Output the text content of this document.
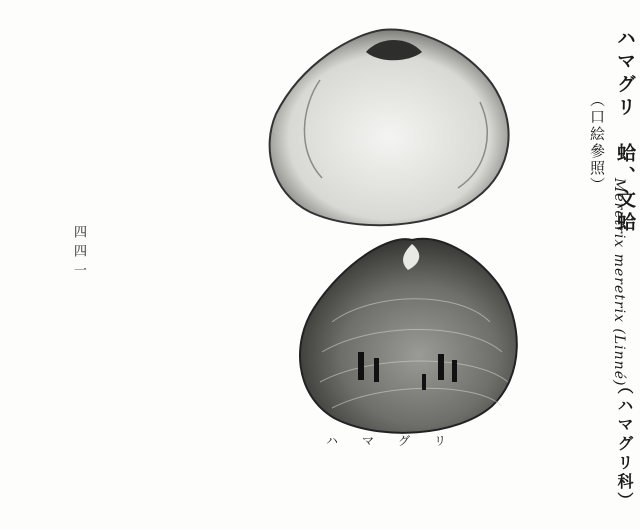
ハマグリ　蛤、文蛤
（口絵參照）
Meretrix meretrix (Linné)
（ハマグリ科）
ハマグリ
四四一
